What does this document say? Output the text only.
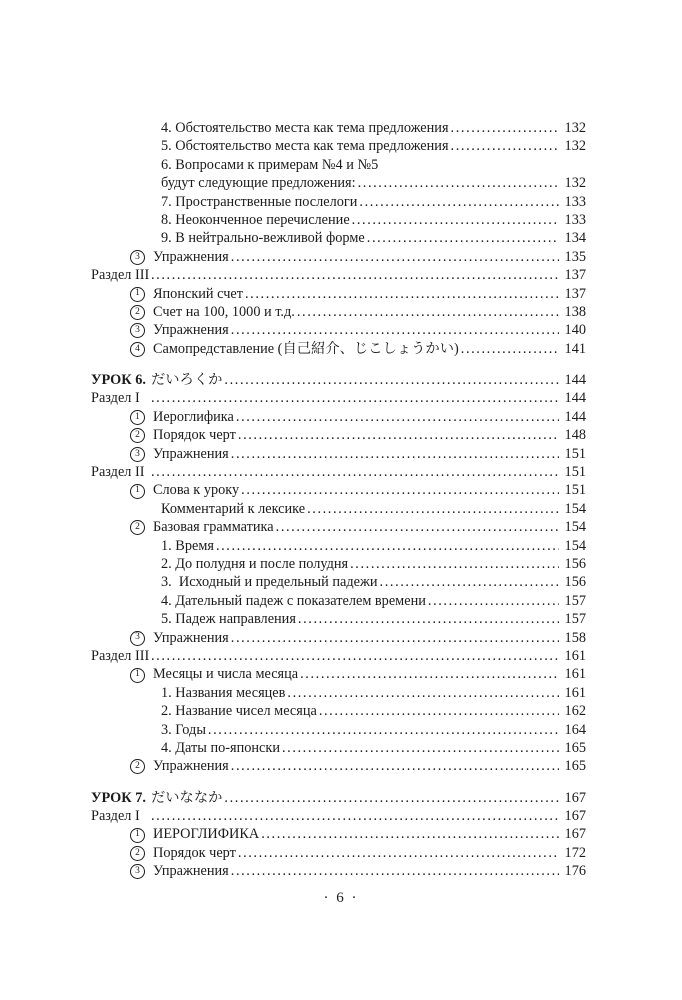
4. Обстоятельство места как тема предложения .....	132
5. Обстоятельство места как тема предложения .....	132
6. Вопросами к примерам №4 и №5
будут следующие предложения: .....	132
7. Пространственные послелоги .....	133
8. Неоконченное перечисление .....	133
9. В нейтрально-вежливой форме .....	134
3 Упражнения .....	135
Раздел III .....	137
1 Японский счет .....	137
2 Счет на 100, 1000 и т.д. .....	138
3 Упражнения .....	140
4 Самопредставление (自己紹介、じこしょうかい) .....	141
УРОК 6. だいろくか .....	144
Раздел I .....	144
1 Иероглифика .....	144
2 Порядок черт .....	148
3 Упражнения .....	151
Раздел II .....	151
1 Слова к уроку .....	151
Комментарий к лексике .....	154
2 Базовая грамматика .....	154
1. Время .....	154
2. До полудня и после полудня .....	156
3.  Исходный и предельный падежи .....	156
4. Дательный падеж с показателем времени .....	157
5. Падеж направления .....	157
3 Упражнения .....	158
Раздел III .....	161
1 Месяцы и числа месяца .....	161
1. Названия месяцев .....	161
2. Название чисел месяца .....	162
3. Годы .....	164
4. Даты по-японски .....	165
2 Упражнения .....	165
УРОК 7. だいななか .....	167
Раздел I .....	167
1 ИЕРОГЛИФИКА .....	167
2 Порядок черт .....	172
3 Упражнения .....	176
· 6 ·
